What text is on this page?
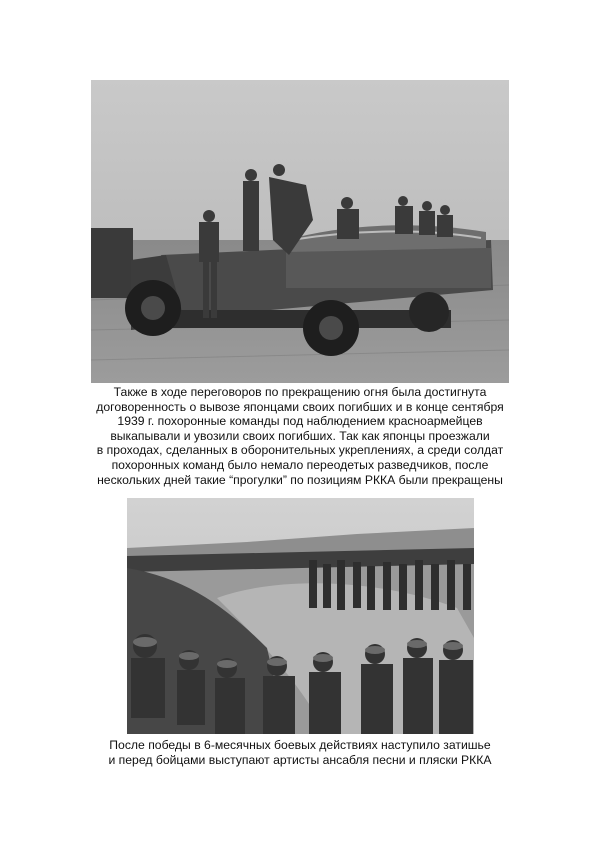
Также в ходе переговоров по прекращению огня была достигнута
договоренность о вывозе японцами своих погибших и в конце сентября
1939 г. похоронные команды под наблюдением красноармейцев
выкапывали и увозили своих погибших. Так как японцы проезжали
в проходах, сделанных в оборонительных укреплениях, а среди солдат
похоронных команд было немало переодетых разведчиков, после
нескольких дней такие “прогулки” по позициям РККА были прекращены
После победы в 6-месячных боевых действиях наступило затишье
и перед бойцами выступают артисты ансабля песни и пляски РККА
